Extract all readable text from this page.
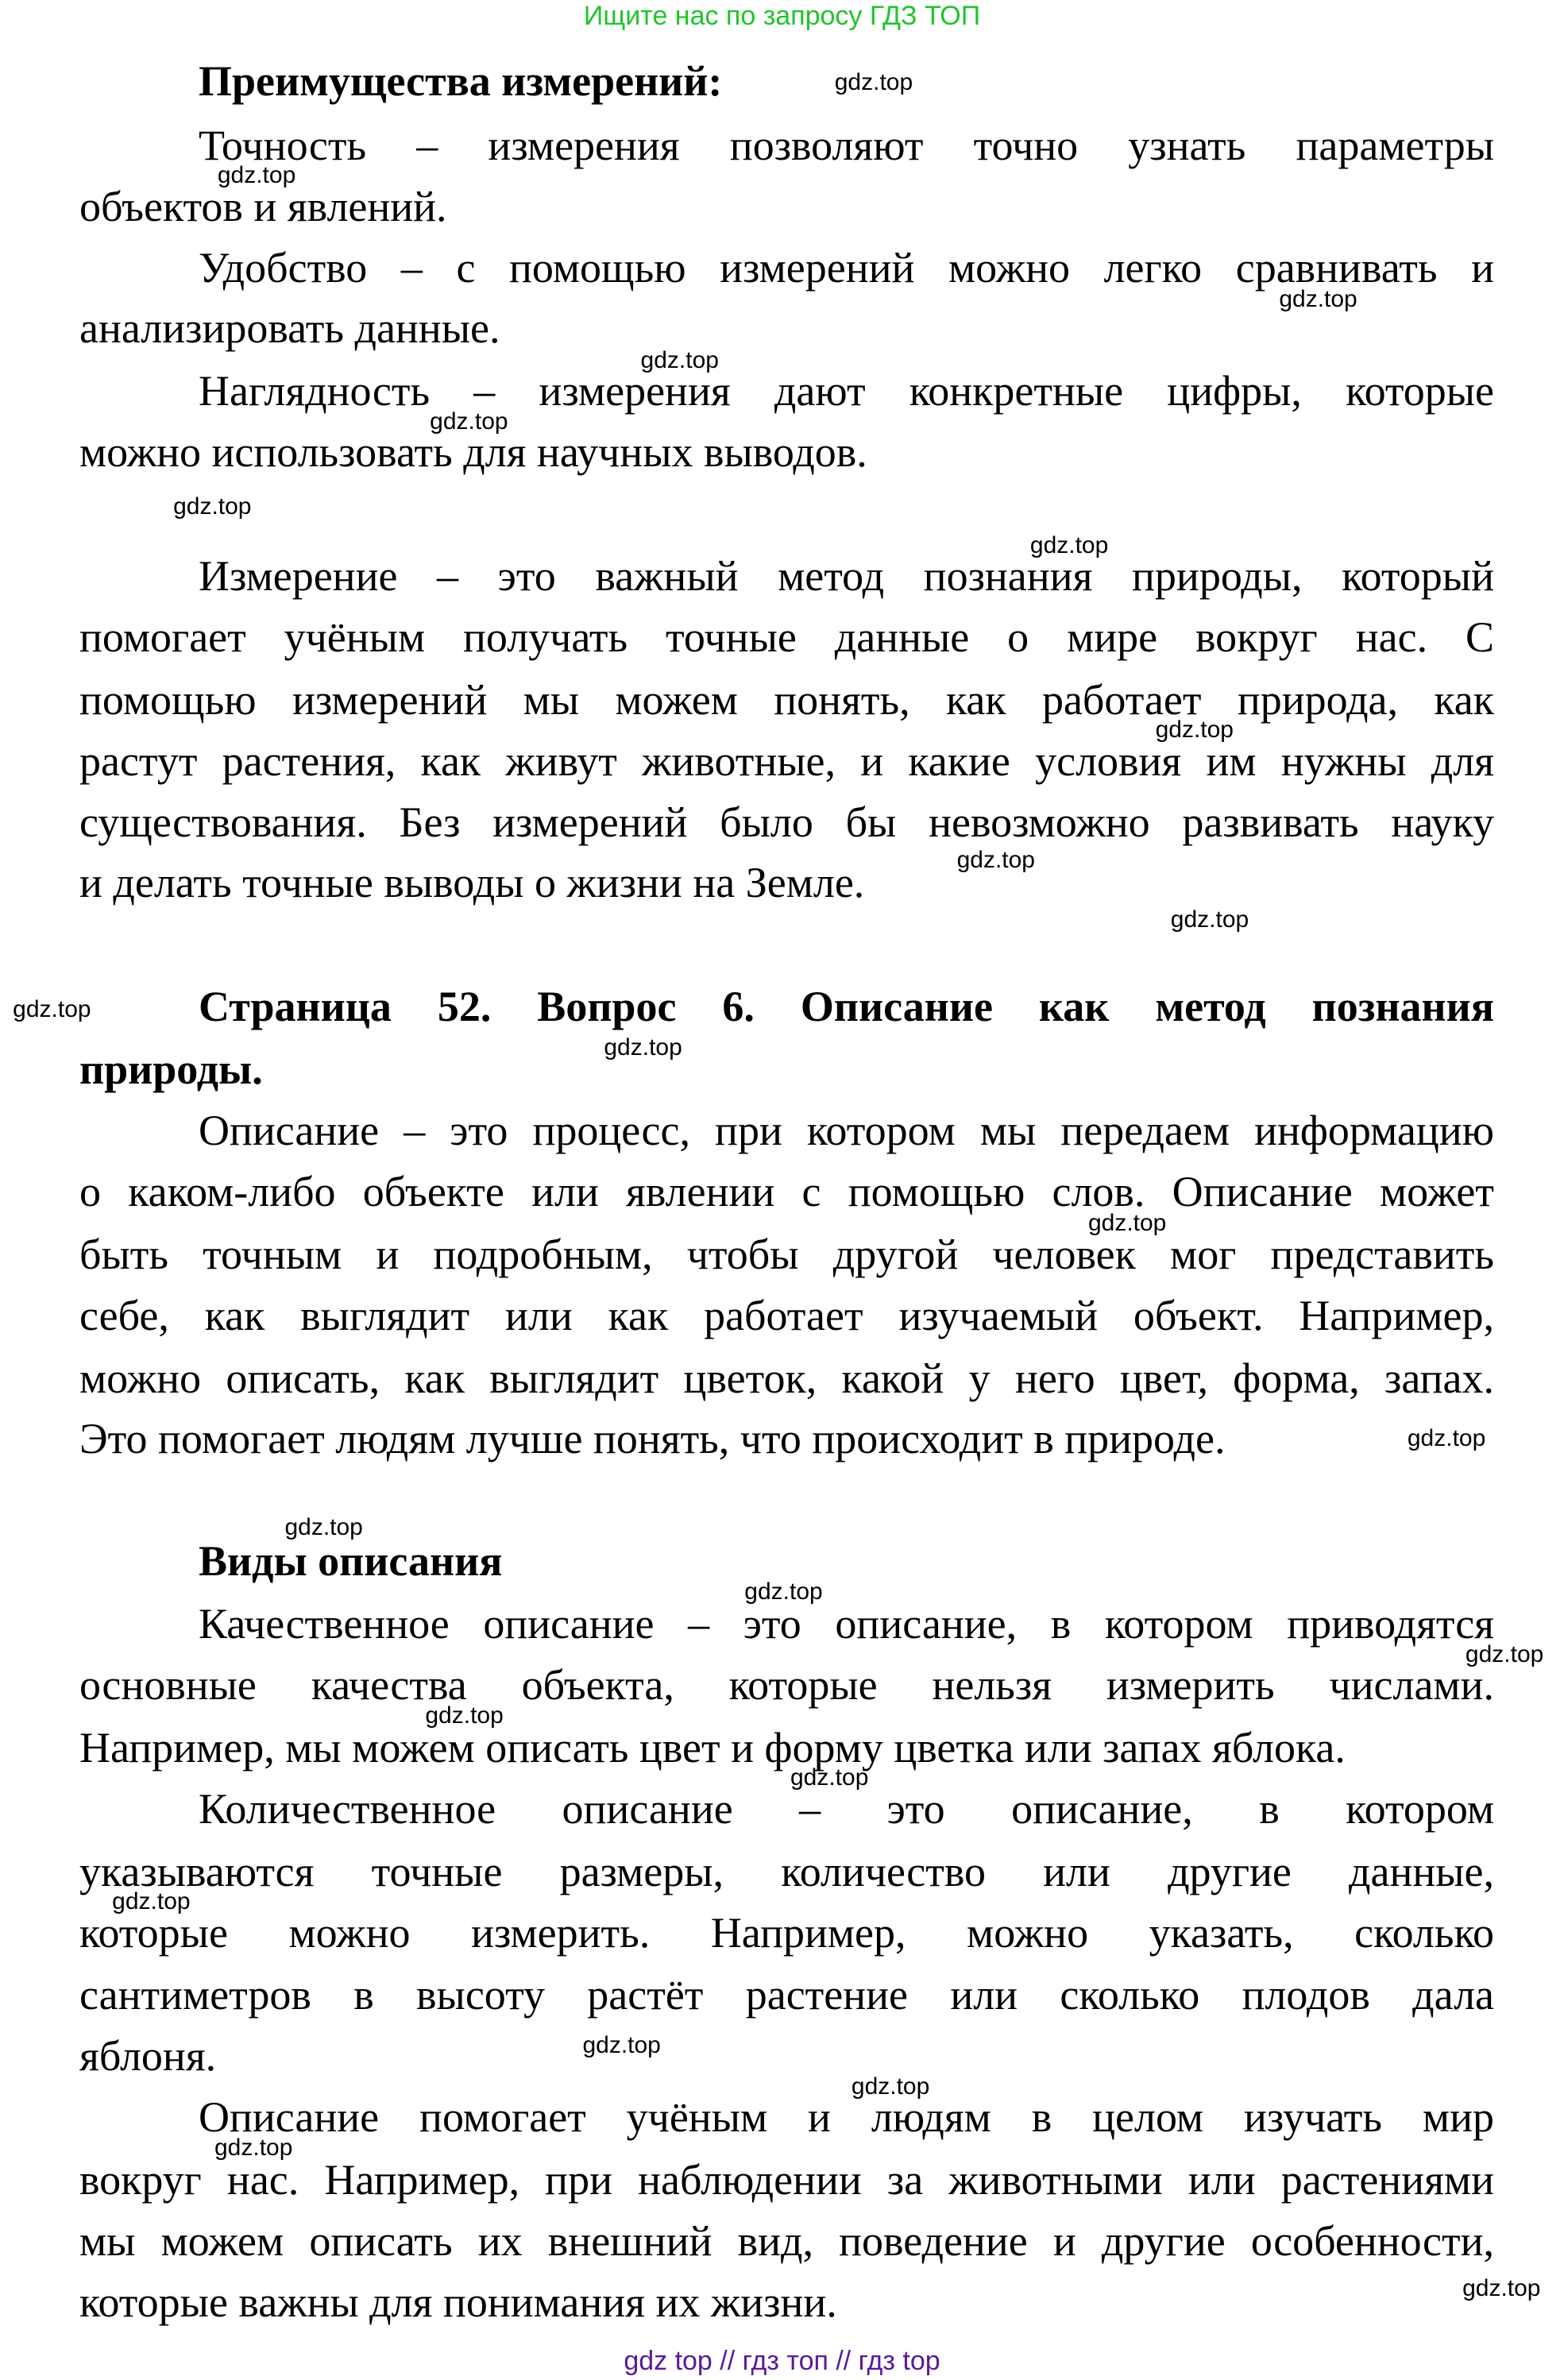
Ищите нас по запросу ГДЗ ТОП
Преимущества измерений:
Точность – измерения позволяют точно узнать параметры
объектов и явлений.
Удобство – с помощью измерений можно легко сравнивать и
анализировать данные.
Наглядность – измерения дают конкретные цифры, которые
можно использовать для научных выводов.
Измерение – это важный метод познания природы, который
помогает учёным получать точные данные о мире вокруг нас. С
помощью измерений мы можем понять, как работает природа, как
растут растения, как живут животные, и какие условия им нужны для
существования. Без измерений было бы невозможно развивать науку
и делать точные выводы о жизни на Земле.
Страница 52. Вопрос 6. Описание как метод познания
природы.
Описание – это процесс, при котором мы передаем информацию
о каком-либо объекте или явлении с помощью слов. Описание может
быть точным и подробным, чтобы другой человек мог представить
себе, как выглядит или как работает изучаемый объект. Например,
можно описать, как выглядит цветок, какой у него цвет, форма, запах.
Это помогает людям лучше понять, что происходит в природе.
Виды описания
Качественное описание – это описание, в котором приводятся
основные качества объекта, которые нельзя измерить числами.
Например, мы можем описать цвет и форму цветка или запах яблока.
Количественное описание – это описание, в котором
указываются точные размеры, количество или другие данные,
которые можно измерить. Например, можно указать, сколько
сантиметров в высоту растёт растение или сколько плодов дала
яблоня.
Описание помогает учёным и людям в целом изучать мир
вокруг нас. Например, при наблюдении за животными или растениями
мы можем описать их внешний вид, поведение и другие особенности,
которые важны для понимания их жизни.
gdz.top
gdz.top
gdz.top
gdz.top
gdz.top
gdz.top
gdz.top
gdz.top
gdz.top
gdz.top
gdz.top
gdz.top
gdz.top
gdz.top
gdz.top
gdz.top
gdz.top
gdz.top
gdz.top
gdz.top
gdz.top
gdz.top
gdz.top
gdz.top
gdz top // гдз топ // гдз top
